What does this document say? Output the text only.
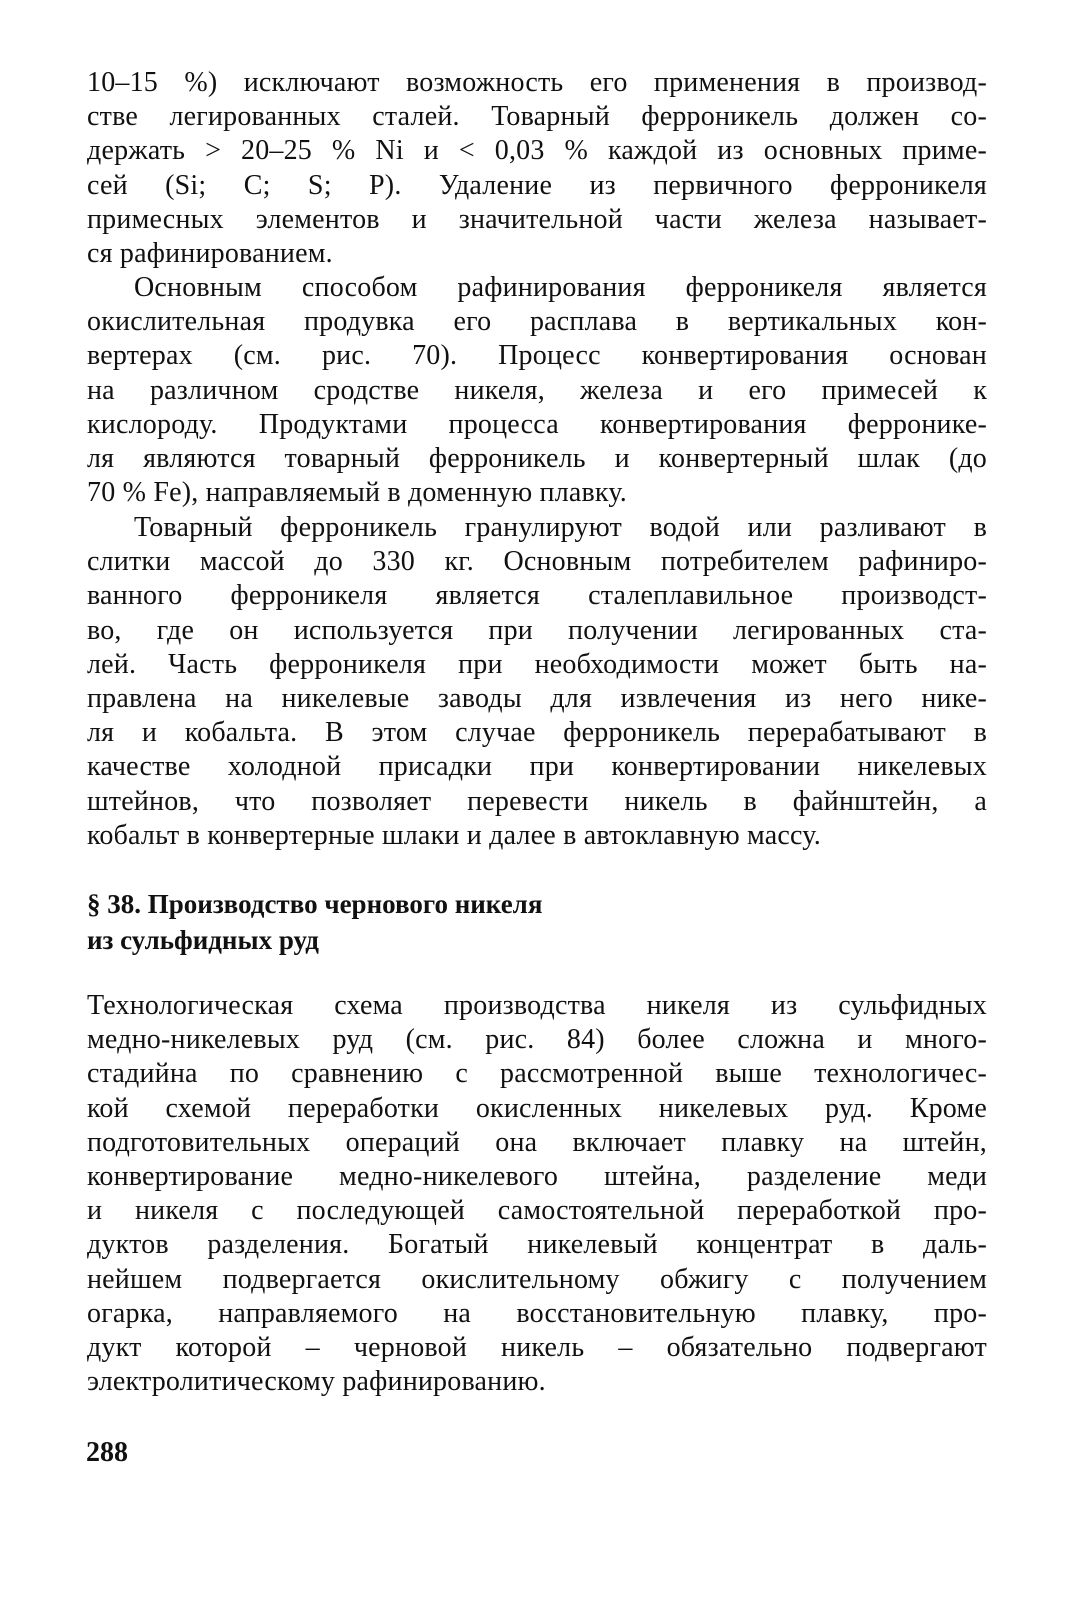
10–15 %) исключают возможность его применения в производ-
стве легированных сталей. Товарный ферроникель должен со-
держать > 20–25 % Ni и < 0,03 % каждой из основных приме-
сей (Si; C; S; P). Удаление из первичного ферроникеля
примесных элементов и значительной части железа называет-
ся рафинированием.
Основным способом рафинирования ферроникеля является
окислительная продувка его расплава в вертикальных кон-
вертерах (см. рис. 70). Процесс конвертирования основан
на различном сродстве никеля, железа и его примесей к
кислороду. Продуктами процесса конвертирования ферронике-
ля являются товарный ферроникель и конвертерный шлак (до
70 % Fe), направляемый в доменную плавку.
Товарный ферроникель гранулируют водой или разливают в
слитки массой до 330 кг. Основным потребителем рафиниро-
ванного ферроникеля является сталеплавильное производст-
во, где он используется при получении легированных ста-
лей. Часть ферроникеля при необходимости может быть на-
правлена на никелевые заводы для извлечения из него нике-
ля и кобальта. В этом случае ферроникель перерабатывают в
качестве холодной присадки при конвертировании никелевых
штейнов, что позволяет перевести никель в файнштейн, а
кобальт в конвертерные шлаки и далее в автоклавную массу.
§ 38. Производство чернового никеля
из сульфидных руд
Технологическая схема производства никеля из сульфидных
медно-никелевых руд (см. рис. 84) более сложна и много-
стадийна по сравнению с рассмотренной выше технологичес-
кой схемой переработки окисленных никелевых руд. Кроме
подготовительных операций она включает плавку на штейн,
конвертирование медно-никелевого штейна, разделение меди
и никеля с последующей самостоятельной переработкой про-
дуктов разделения. Богатый никелевый концентрат в даль-
нейшем подвергается окислительному обжигу с получением
огарка, направляемого на восстановительную плавку, про-
дукт которой – черновой никель – обязательно подвергают
электролитическому рафинированию.
288
